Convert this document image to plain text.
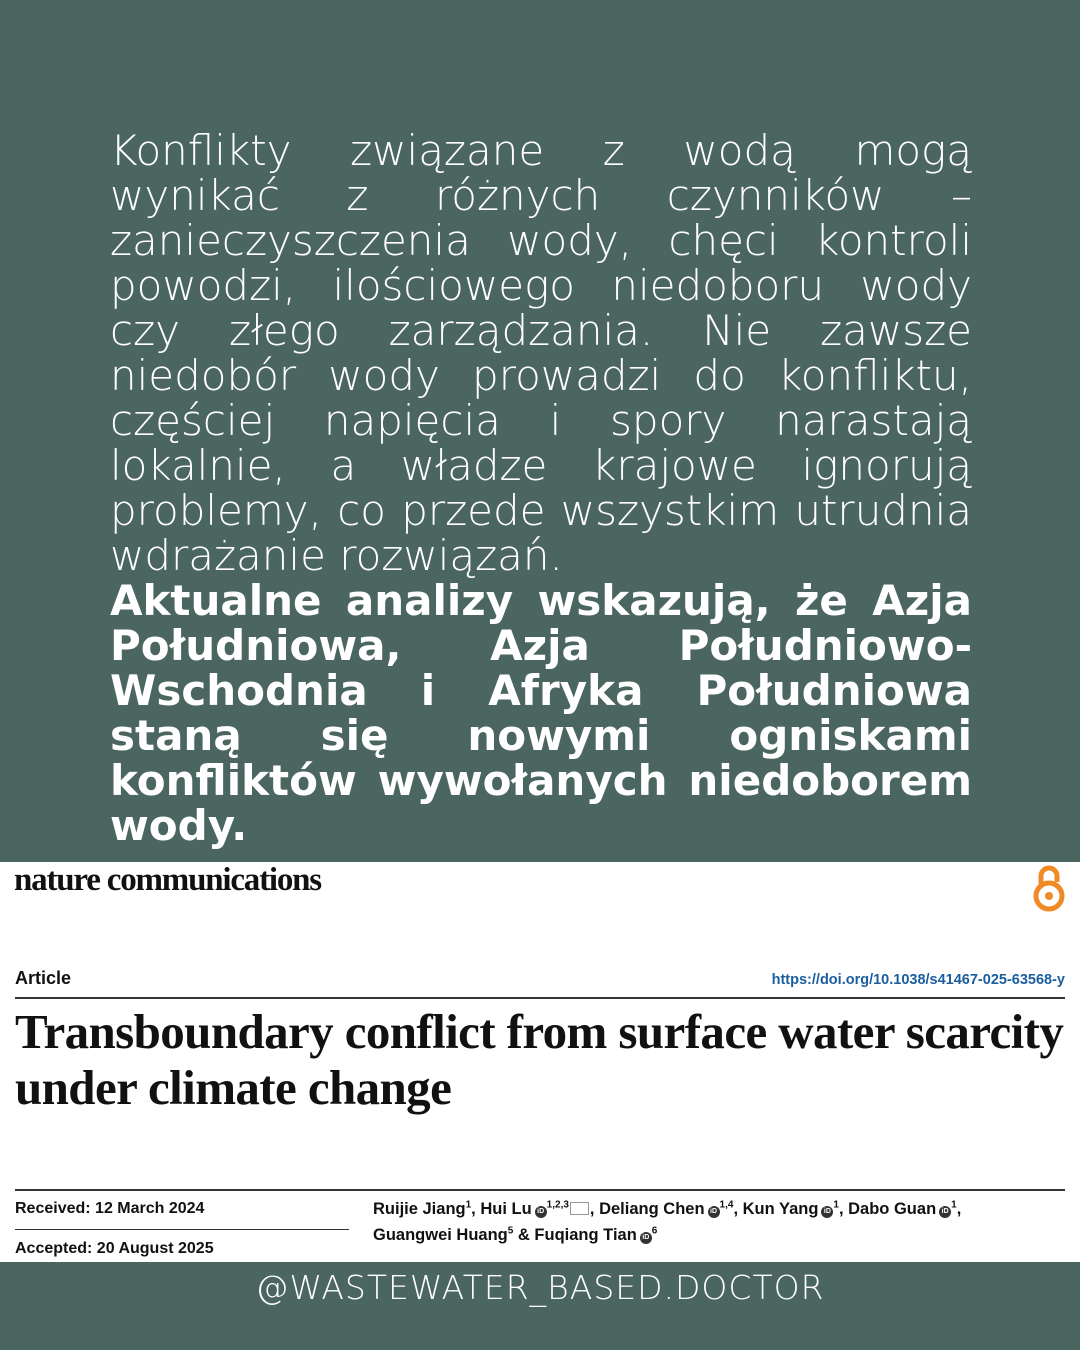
Konflikty związane z wodą mogą wynikać z różnych czynników – zanieczyszczenia wody, chęci kontroli powodzi, ilościowego niedoboru wody czy złego zarządzania. Nie zawsze niedobór wody prowadzi do konfliktu, częściej napięcia i spory narastają lokalnie, a władze krajowe ignorują problemy, co przede wszystkim utrudnia wdrażanie rozwiązań.

Aktualne analizy wskazują, że Azja Południowa, Azja Południowo-Wschodnia i Afryka Południowa staną się nowymi ogniskami konfliktów wywołanych niedoborem wody.

nature communications
Article	https://doi.org/10.1038/s41467-025-63568-y
Transboundary conflict from surface water scarcity under climate change
Received: 12 March 2024
Accepted: 20 August 2025
Ruijie Jiang$^1$, Hui Lu iD$^{1,2,3}$ , Deliang Chen iD$^{1,4}$, Kun Yang $iD^1$, Dabo Guan $iD^1$,
Guangwei Huang$^5$ & Fuqiang Tian $iD^6$
@WASTEWATER_BASED.DOCTOR
